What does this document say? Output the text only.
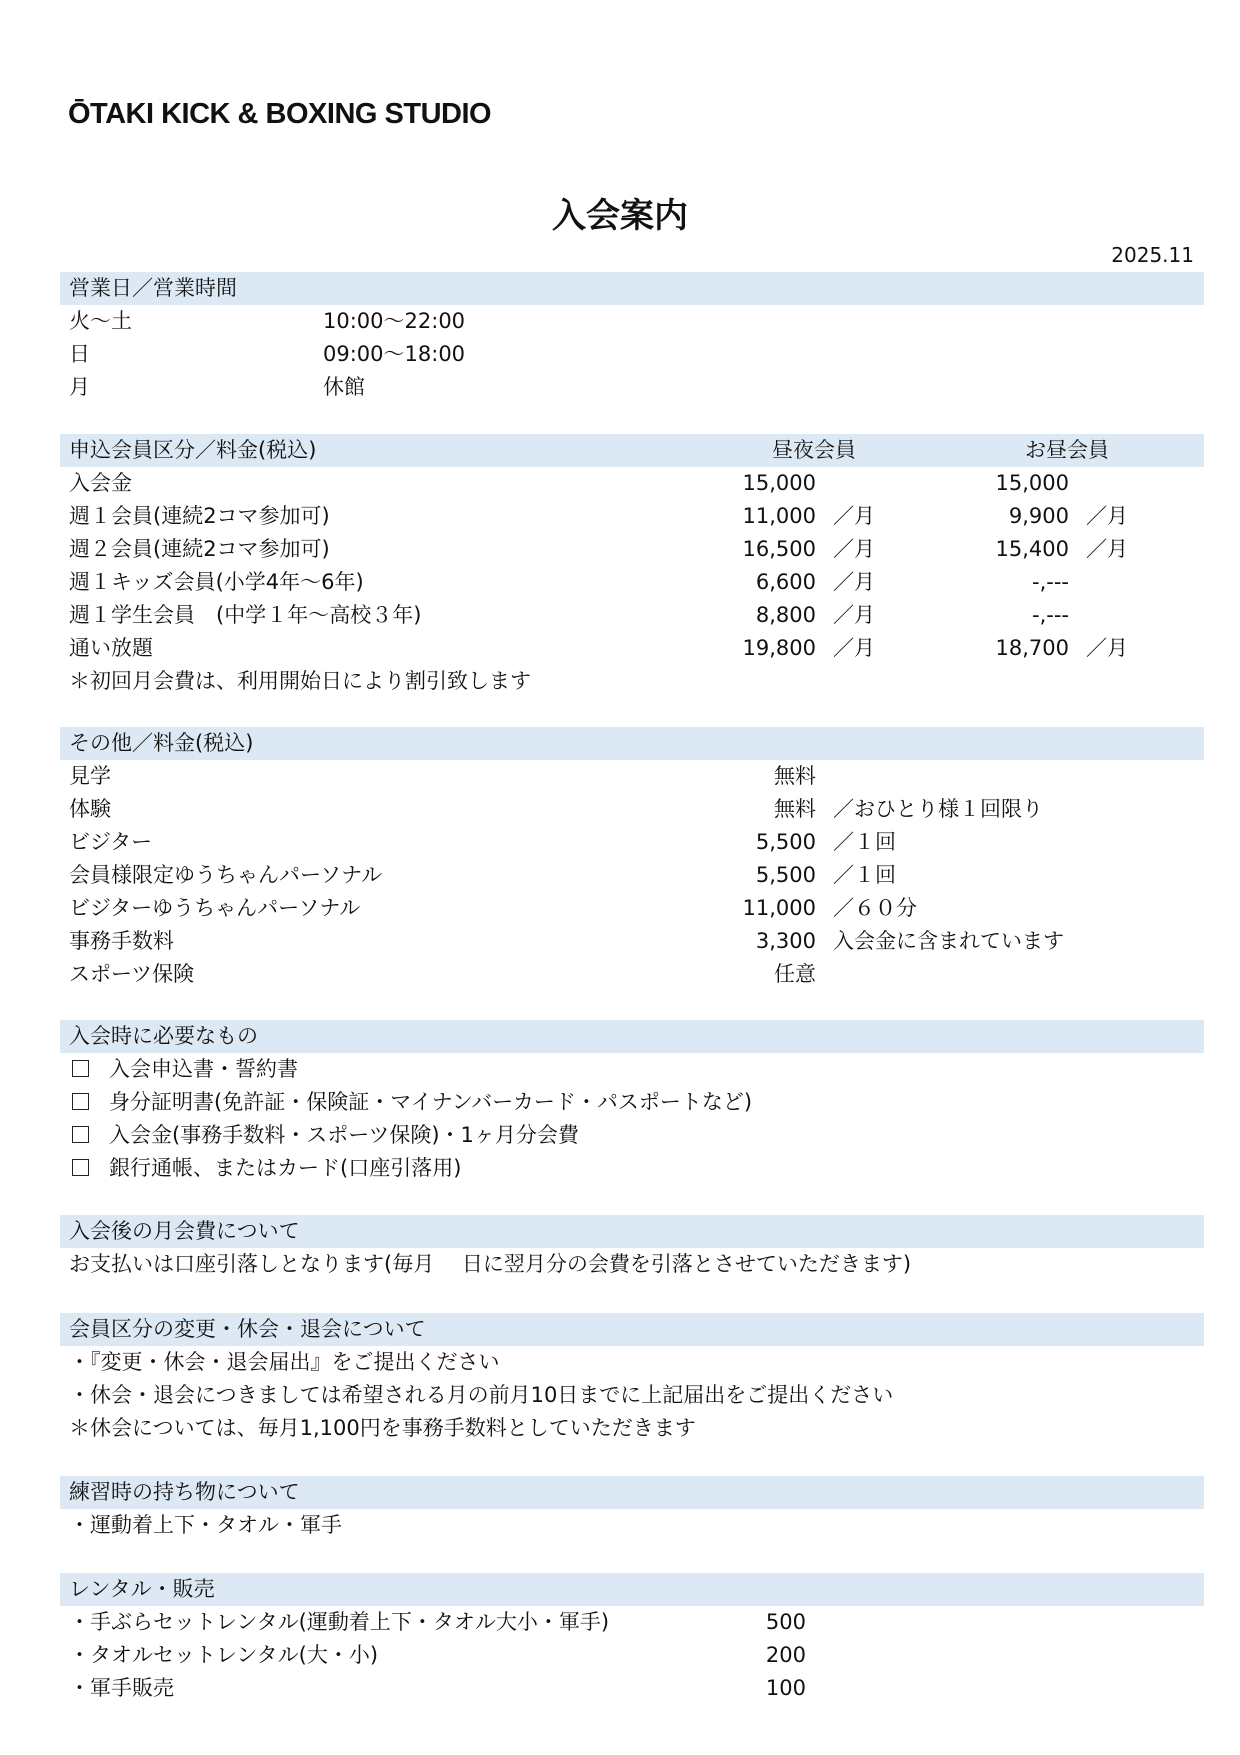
ŌTAKI KICK & BOXING STUDIO
入会案内
2025.11
営業日／営業時間
火～土	10:00～22:00
日	09:00～18:00
月	休館
申込会員区分／料金(税込)	昼夜会員	お昼会員
入会金	15,000	15,000
週１会員(連続2コマ参加可)	11,000 ／月	9,900 ／月
週２会員(連続2コマ参加可)	16,500 ／月	15,400 ／月
週１キッズ会員(小学4年～6年)	6,600 ／月	-,---
週１学生会員　(中学１年～高校３年)	8,800 ／月	-,---
通い放題	19,800 ／月	18,700 ／月
＊初回月会費は、利用開始日により割引致します
その他／料金(税込)
見学	無料
体験	無料 ／おひとり様１回限り
ビジター	5,500 ／１回
会員様限定ゆうちゃんパーソナル	5,500 ／１回
ビジターゆうちゃんパーソナル	11,000 ／６０分
事務手数料	3,300 入会金に含まれています
スポーツ保険	任意
入会時に必要なもの
入会申込書・誓約書
身分証明書(免許証・保険証・マイナンバーカード・パスポートなど)
入会金(事務手数料・スポーツ保険)・1ヶ月分会費
銀行通帳、またはカード(口座引落用)
入会後の月会費について
お支払いは口座引落しとなります(毎月　 日に翌月分の会費を引落とさせていただきます)
会員区分の変更・休会・退会について
・『変更・休会・退会届出』をご提出ください
・休会・退会につきましては希望される月の前月10日までに上記届出をご提出ください
＊休会については、毎月1,100円を事務手数料としていただきます
練習時の持ち物について
・運動着上下・タオル・軍手
レンタル・販売
・手ぶらセットレンタル(運動着上下・タオル大小・軍手)	500
・タオルセットレンタル(大・小)	200
・軍手販売	100
